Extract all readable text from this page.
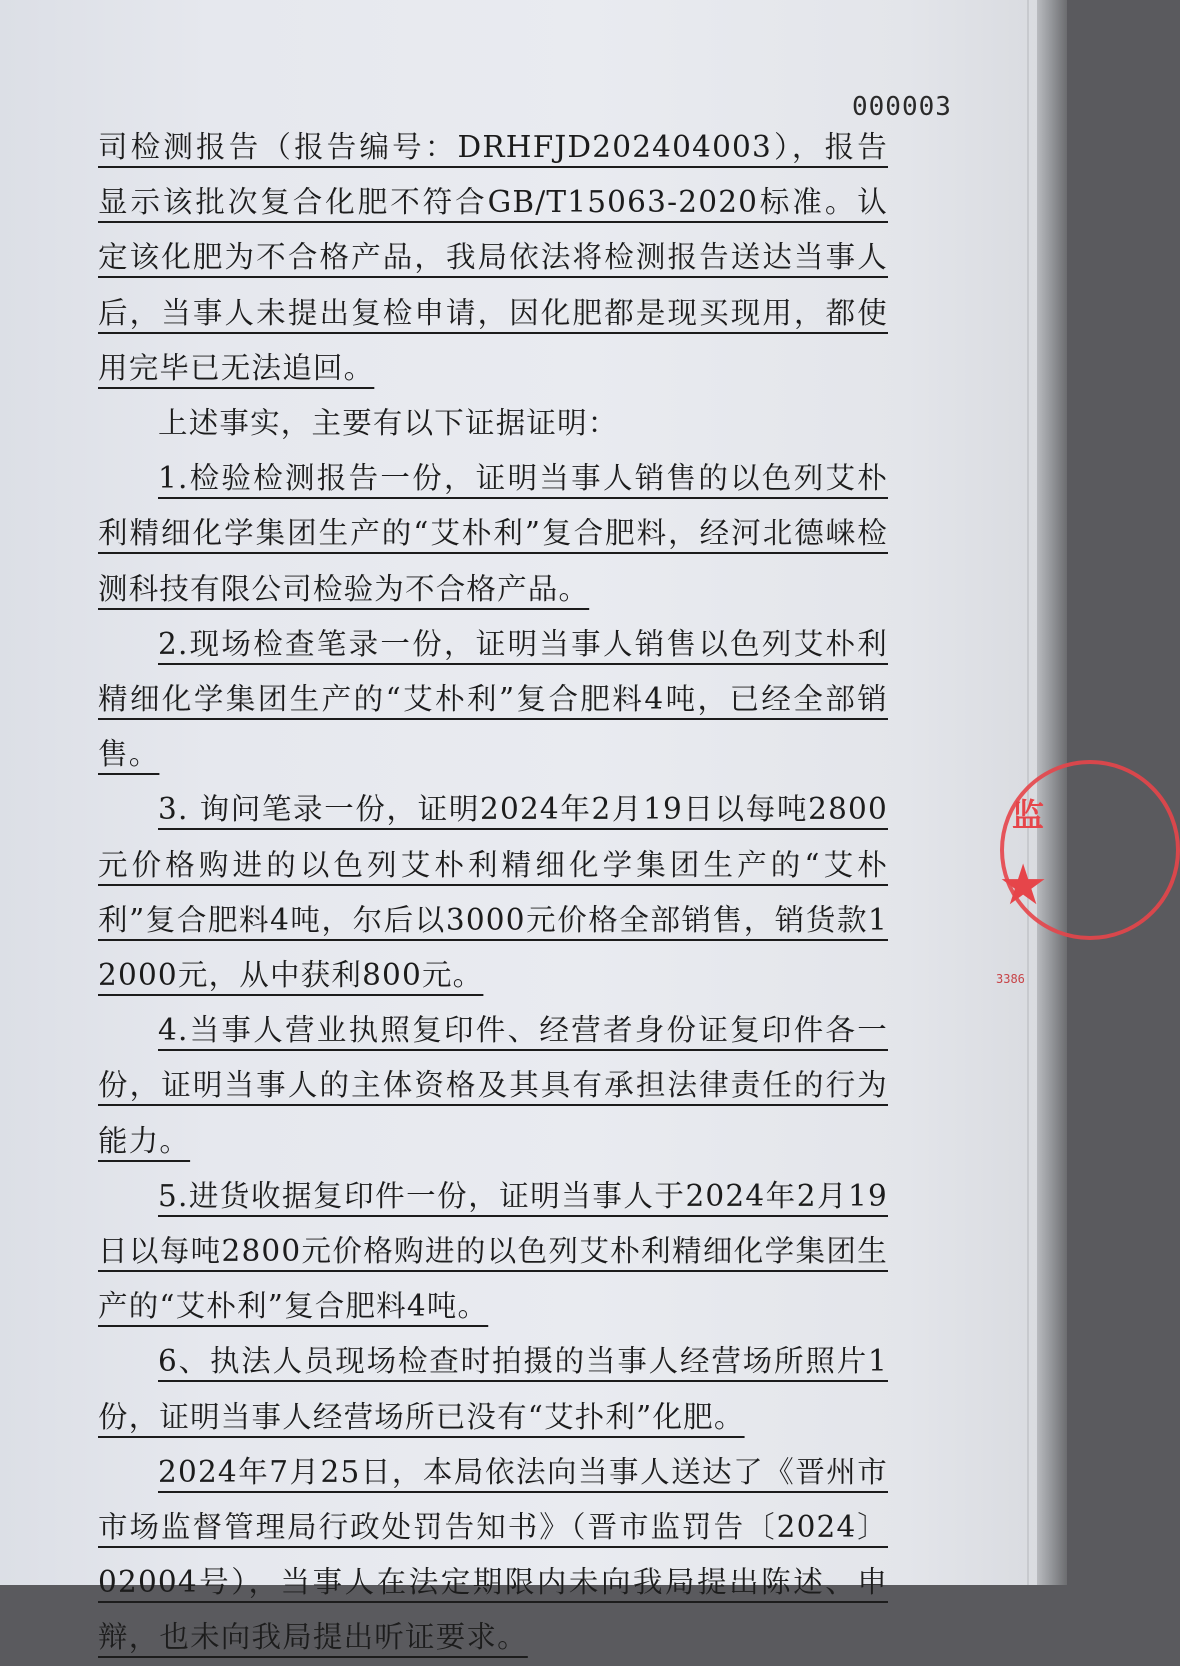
000003
监
★
3386

司检测报告（报告编号：DRHFJD202404003），报告显示该批次复合化肥不符合GB/T15063-2020标准。认定该化肥为不合格产品，我局依法将检测报告送达当事人后，当事人未提出复检申请，因化肥都是现买现用，都使用完毕已无法追回。

上述事实，主要有以下证据证明：

1.检验检测报告一份，证明当事人销售的以色列艾朴利精细化学集团生产的“艾朴利”复合肥料，经河北德崃检测科技有限公司检验为不合格产品。

2.现场检查笔录一份，证明当事人销售以色列艾朴利精细化学集团生产的“艾朴利”复合肥料4吨，已经全部销售。

3. 询问笔录一份，证明2024年2月19日以每吨2800元价格购进的以色列艾朴利精细化学集团生产的“艾朴利”复合肥料4吨，尔后以3000元价格全部销售，销货款12000元，从中获利800元。

4.当事人营业执照复印件、经营者身份证复印件各一份，证明当事人的主体资格及其具有承担法律责任的行为能力。

5.进货收据复印件一份，证明当事人于2024年2月19日以每吨2800元价格购进的以色列艾朴利精细化学集团生产的“艾朴利”复合肥料4吨。

6、执法人员现场检查时拍摄的当事人经营场所照片1份，证明当事人经营场所已没有“艾扑利”化肥。

2024年7月25日，本局依法向当事人送达了《晋州市市场监督管理局行政处罚告知书》（晋市监罚告〔2024〕02004号），当事人在法定期限内未向我局提出陈述、申辩，也未向我局提出听证要求。
